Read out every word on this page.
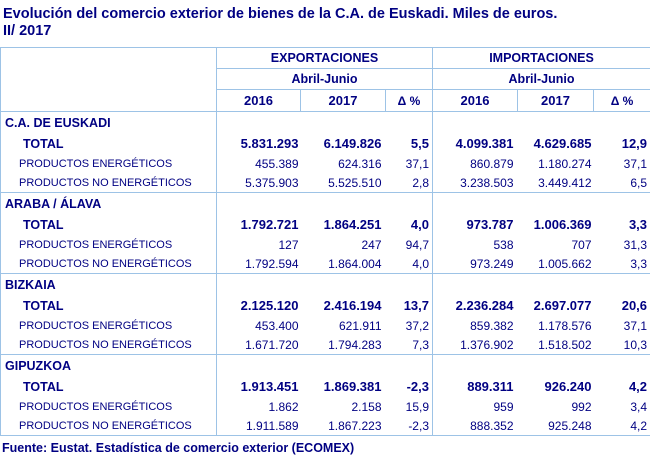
Evolución del comercio exterior de bienes de la C.A. de Euskadi. Miles de euros.
II/ 2017
	EXPORTACIONES			IMPORTACIONES		
	Abril-Junio			Abril-Junio		
	2016	2017	Δ %	2016	2017	Δ %
C.A. DE EUSKADI						
TOTAL	5.831.293	6.149.826	5,5	4.099.381	4.629.685	12,9
PRODUCTOS ENERGÉTICOS	455.389	624.316	37,1	860.879	1.180.274	37,1
PRODUCTOS NO ENERGÉTICOS	5.375.903	5.525.510	2,8	3.238.503	3.449.412	6,5
ARABA / ÁLAVA						
TOTAL	1.792.721	1.864.251	4,0	973.787	1.006.369	3,3
PRODUCTOS ENERGÉTICOS	127	247	94,7	538	707	31,3
PRODUCTOS NO ENERGÉTICOS	1.792.594	1.864.004	4,0	973.249	1.005.662	3,3
BIZKAIA						
TOTAL	2.125.120	2.416.194	13,7	2.236.284	2.697.077	20,6
PRODUCTOS ENERGÉTICOS	453.400	621.911	37,2	859.382	1.178.576	37,1
PRODUCTOS NO ENERGÉTICOS	1.671.720	1.794.283	7,3	1.376.902	1.518.502	10,3
GIPUZKOA						
TOTAL	1.913.451	1.869.381	-2,3	889.311	926.240	4,2
PRODUCTOS ENERGÉTICOS	1.862	2.158	15,9	959	992	3,4
PRODUCTOS NO ENERGÉTICOS	1.911.589	1.867.223	-2,3	888.352	925.248	4,2
Fuente: Eustat. Estadística de comercio exterior (ECOMEX)
